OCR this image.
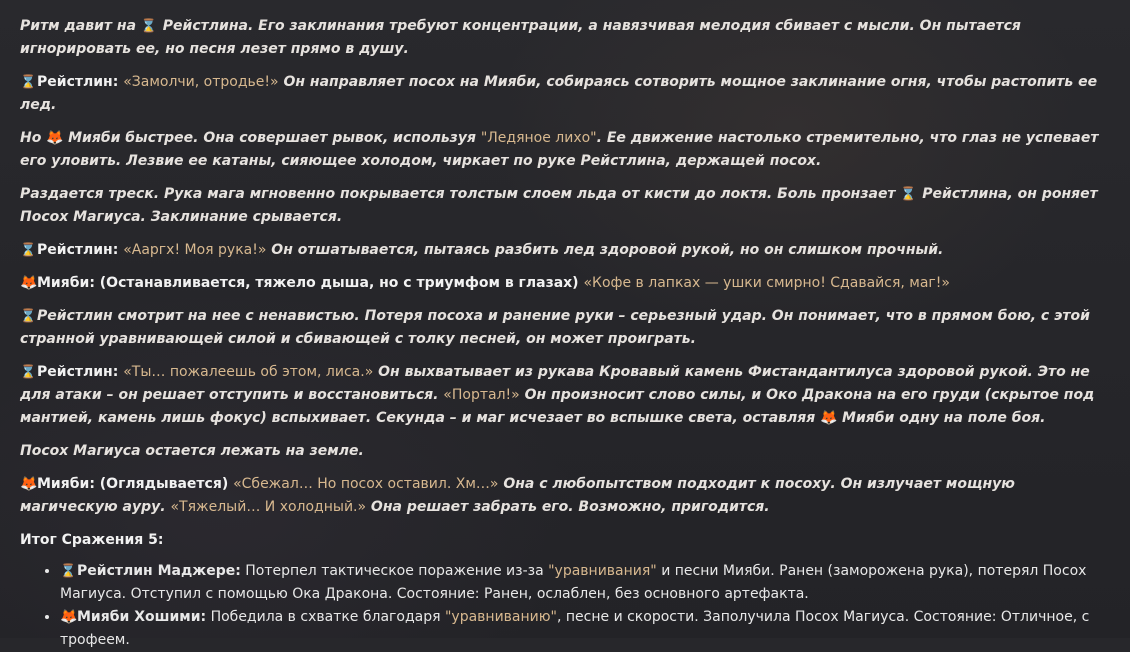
Ритм давит на ⌛ Рейстлина. Его заклинания требуют концентрации, а навязчивая мелодия сбивает с мысли. Он пытается игнорировать ее, но песня лезет прямо в душу.

⌛Рейстлин: «Замолчи, отродье!» Он направляет посох на Мияби, собираясь сотворить мощное заклинание огня, чтобы растопить ее лед.

Но 🦊 Мияби быстрее. Она совершает рывок, используя "Ледяное лихо". Ее движение настолько стремительно, что глаз не успевает его уловить. Лезвие ее катаны, сияющее холодом, чиркает по руке Рейстлина, держащей посох.

Раздается треск. Рука мага мгновенно покрывается толстым слоем льда от кисти до локтя. Боль пронзает ⌛ Рейстлина, он роняет Посох Магиуса. Заклинание срывается.

⌛Рейстлин: «Ааргх! Моя рука!» Он отшатывается, пытаясь разбить лед здоровой рукой, но он слишком прочный.

🦊Мияби: (Останавливается, тяжело дыша, но с триумфом в глазах) «Кофе в лапках — ушки смирно! Сдавайся, маг!»

⌛Рейстлин смотрит на нее с ненавистью. Потеря посоха и ранение руки – серьезный удар. Он понимает, что в прямом бою, с этой странной уравнивающей силой и сбивающей с толку песней, он может проиграть.

⌛Рейстлин: «Ты… пожалеешь об этом, лиса.» Он выхватывает из рукава Кровавый камень Фистандантилуса здоровой рукой. Это не для атаки – он решает отступить и восстановиться. «Портал!» Он произносит слово силы, и Око Дракона на его груди (скрытое под мантией, камень лишь фокус) вспыхивает. Секунда – и маг исчезает во вспышке света, оставляя 🦊 Мияби одну на поле боя.

Посох Магиуса остается лежать на земле.

🦊Мияби: (Оглядывается) «Сбежал… Но посох оставил. Хм…» Она с любопытством подходит к посоху. Он излучает мощную магическую ауру. «Тяжелый… И холодный.» Она решает забрать его. Возможно, пригодится.

Итог Сражения 5:
• ⌛Рейстлин Маджере: Потерпел тактическое поражение из-за "уравнивания" и песни Мияби. Ранен (заморожена рука), потерял Посох Магиуса. Отступил с помощью Ока Дракона. Состояние: Ранен, ослаблен, без основного артефакта.
• 🦊Мияби Хошими: Победила в схватке благодаря "уравниванию", песне и скорости. Заполучила Посох Магиуса. Состояние: Отличное, с трофеем.
